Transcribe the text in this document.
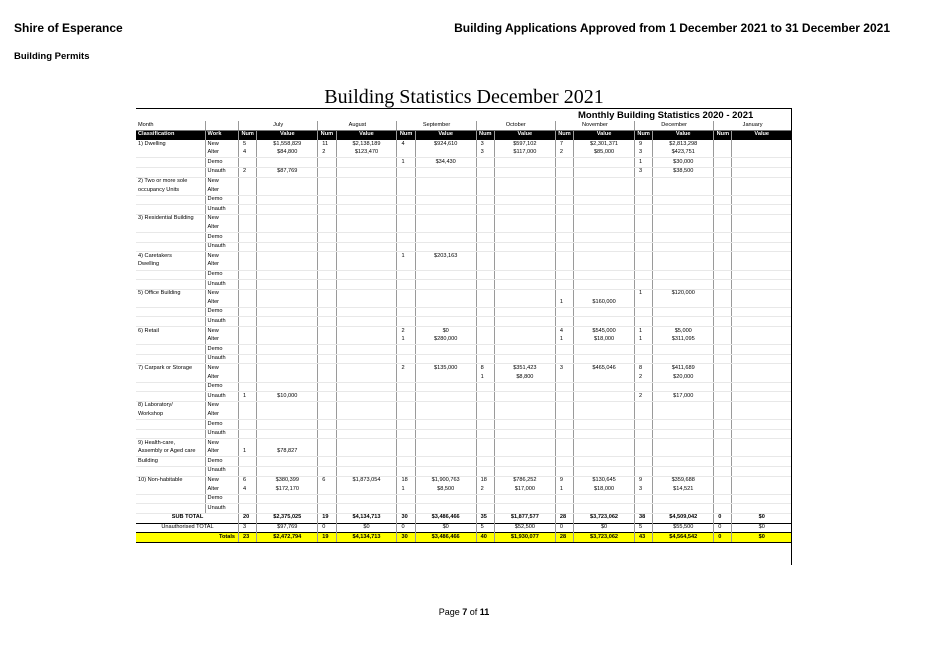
Shire of Esperance
Building Permits
Building Applications Approved from 1 December 2021 to 31 December 2021
Building Statistics December 2021
Monthly Building Statistics 2020 - 2021
Month		July		August		September		October		November		December		January	
Classification	Work	Num	Value	Num	Value	Num	Value	Num	Value	Num	Value	Num	Value	Num	Value
1) Dwelling	New	5	$1,558,829	11	$2,138,189	4	$924,610	3	$597,102	7	$2,301,371	9	$2,813,298		
	Alter	4	$84,800	2	$123,470			3	$117,000	2	$85,000	3	$423,751		
	Demo					1	$34,430					1	$30,000		
	Unauth	2	$87,769									3	$38,500		
2) Two or more sole	New														
occupancy Units	Alter														
	Demo														
	Unauth														
3) Residential Building	New														
	Alter														
	Demo														
	Unauth														
4) Caretakers	New					1	$203,163								
Dwelling	Alter														
	Demo														
	Unauth														
5) Office Building	New											1	$120,000		
	Alter									1	$160,000				
	Demo														
	Unauth														
6) Retail	New					2	$0			4	$545,000	1	$5,000		
	Alter					1	$280,000			1	$18,000	1	$311,095		
	Demo														
	Unauth														
7) Carpark or Storage	New					2	$135,000	8	$351,423	3	$465,046	8	$411,689		
	Alter							1	$8,800			2	$20,000		
	Demo														
	Unauth	1	$10,000									2	$17,000		
8) Laboratory/	New														
Workshop	Alter														
	Demo														
	Unauth														
9) Health-care,	New														
Assembly or Aged care	Alter	1	$78,827												
Building	Demo														
	Unauth														
10) Non-habitable	New	6	$380,399	6	$1,873,054	18	$1,900,763	18	$786,252	9	$130,645	9	$359,688		
	Alter	4	$172,170			1	$8,500	2	$17,000	1	$18,000	3	$14,521		
	Demo														
	Unauth														
SUB TOTAL		20	$2,375,025	19	$4,134,713	30	$3,486,466	35	$1,877,577	28	$3,723,062	38	$4,509,042	0	$0
Unauthorised TOTAL		3	$97,769	0	$0	0	$0	5	$52,500	0	$0	5	$55,500	0	$0
Totals		23	$2,472,794	19	$4,134,713	30	$3,486,466	40	$1,930,077	28	$3,723,062	43	$4,564,542	0	$0
Page 7 of 11
